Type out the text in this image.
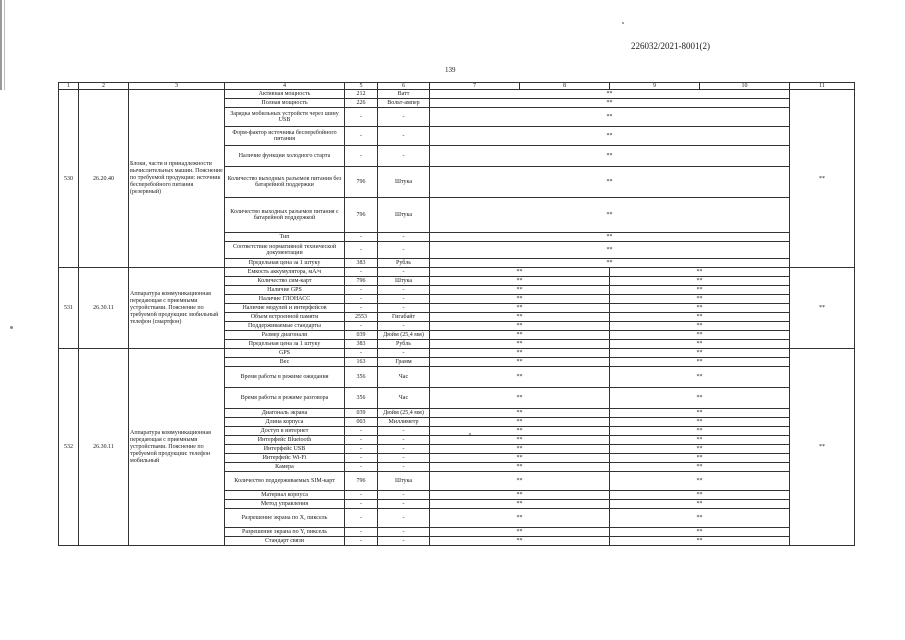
226032/2021-8001(2)
139
1	2	3	4	5	6	7	8	9	10	11
530	26.20.40	Блоки, части и принадлежности вычислительных машин. Пояснение по требуемой продукции: источник бесперебойного питания (резервный)	Активная мощность	212	Ватт	**				**
			Полная мощность	226	Вольт-ампер	**				
			Зарядка мобильных устройств через шину USB	-	-	**				
			Форм-фактор источника бесперебойного питания	-	-	**				
			Наличие функции холодного старта	-	-	**				
			Количество выходных разъемов питания без батарейной поддержки	796	Штука	**				
			Количество выходных разъемов питания с батарейной поддержкой	796	Штука	**				
			Тип	-	-	**				
			Соответствие нормативной технической документации	-	-	**				
			Предельная цена за 1 штуку	383	Рубль	**				
531	26.30.11	Аппаратура коммуникационная передающая с приемными устройствами. Пояснение по требуемой продукции: мобильный телефон (смартфон)	Емкость аккумулятора, мА/ч	-	-	**		**		**
			Количество сим-карт	796	Штука	**		**		
			Наличие GPS	-	-	**		**		
			Наличие ГЛОНАСС	-	-	**		**		
			Наличие модулей и интерфейсов	-	-	**		**		
			Объем встроенной памяти	2553	Гигабайт	**		**		
			Поддерживаемые стандарты	-	-	**		**		
			Размер диагонали	039	Дюйм (25,4 мм)	**		**		
			Предельная цена за 1 штуку	383	Рубль	**		**		
532	26.30.11	Аппаратура коммуникационная передающая с приемными устройствами. Пояснение по требуемой продукции: телефон мобильный	GPS	-	-	**		**		**
			Вес	163	Грамм	**		**		
			Время работы в режиме ожидания	356	Час	**		**		
			Время работы в режиме разговора	356	Час	**		**		
			Диагональ экрана	039	Дюйм (25,4 мм)	**		**		
			Длина корпуса	003	Миллиметр	**		**		
			Доступ в интернет	-	-	**		**		
			Интерфейс Bluetooth	-	-	**		**		
			Интерфейс USB	-	-	**		**		
			Интерфейс Wi-Fi	-	-	**		**		
			Камера	-	-	**		**		
			Количество поддерживаемых SIM-карт	796	Штука	**		**		
			Материал корпуса	-	-	**		**		
			Метод управления	-	-	**		**		
			Разрешение экрана по X, пиксель	-	-	**		**		
			Разрешение экрана по Y, пиксель	-	-	**		**		
			Стандарт связи	-	-	**		**		
